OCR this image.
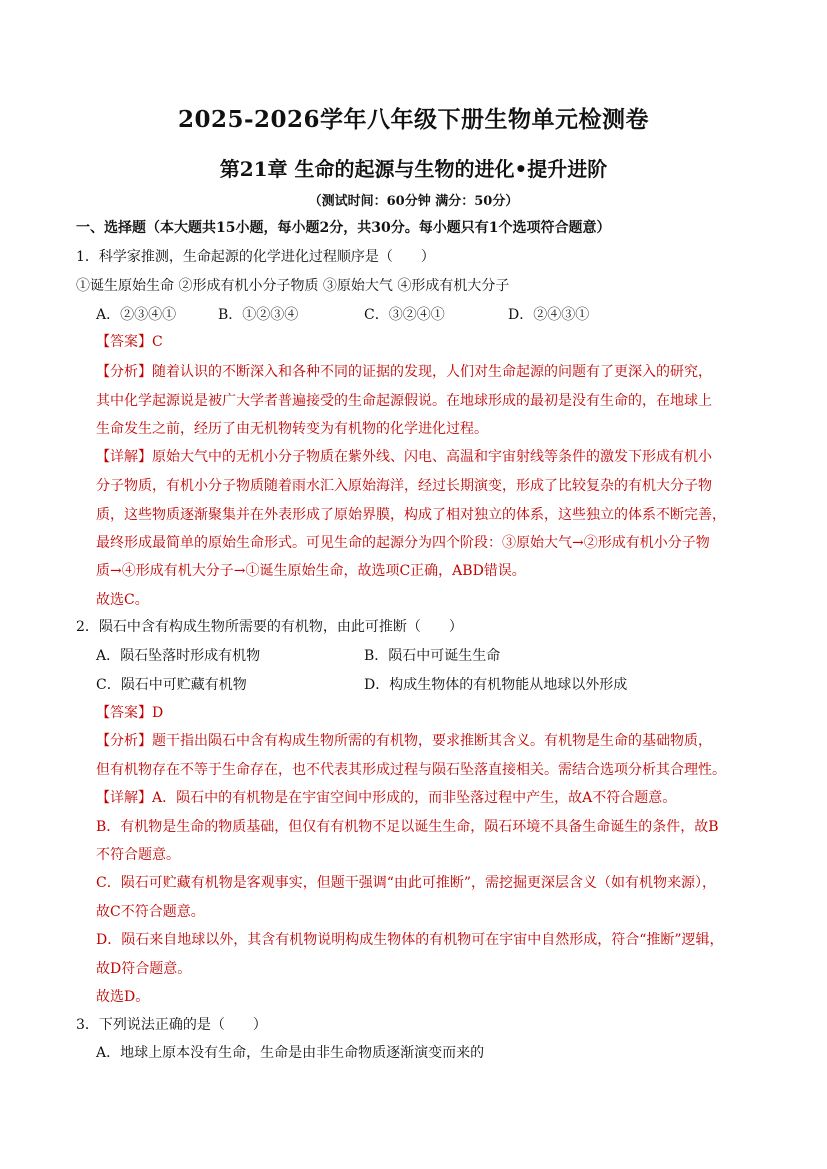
2025-2026学年八年级下册生物单元检测卷
第21章 生命的起源与生物的进化•提升进阶
（测试时间：60分钟 满分：50分）
一、选择题（本大题共15小题，每小题2分，共30分。每小题只有1个选项符合题意）
1．科学家推测，生命起源的化学进化过程顺序是（　　）
①诞生原始生命 ②形成有机小分子物质 ③原始大气 ④形成有机大分子
A．②③④①	B．①②③④	C．③②④①	D．②④③①
【答案】C
【分析】随着认识的不断深入和各种不同的证据的发现，人们对生命起源的问题有了更深入的研究，
其中化学起源说是被广大学者普遍接受的生命起源假说。在地球形成的最初是没有生命的，在地球上
生命发生之前，经历了由无机物转变为有机物的化学进化过程。
【详解】原始大气中的无机小分子物质在紫外线、闪电、高温和宇宙射线等条件的激发下形成有机小
分子物质，有机小分子物质随着雨水汇入原始海洋，经过长期演变，形成了比较复杂的有机大分子物
质，这些物质逐渐聚集并在外表形成了原始界膜，构成了相对独立的体系，这些独立的体系不断完善，
最终形成最简单的原始生命形式。可见生命的起源分为四个阶段：③原始大气→②形成有机小分子物
质→④形成有机大分子→①诞生原始生命，故选项C正确，ABD错误。
故选C。
2．陨石中含有构成生物所需要的有机物，由此可推断（　　）
A．陨石坠落时形成有机物	B．陨石中可诞生生命
C．陨石中可贮藏有机物	D．构成生物体的有机物能从地球以外形成
【答案】D
【分析】题干指出陨石中含有构成生物所需的有机物，要求推断其含义。有机物是生命的基础物质，
但有机物存在不等于生命存在，也不代表其形成过程与陨石坠落直接相关。需结合选项分析其合理性。
【详解】A．陨石中的有机物是在宇宙空间中形成的，而非坠落过程中产生，故A不符合题意。
B．有机物是生命的物质基础，但仅有有机物不足以诞生生命，陨石环境不具备生命诞生的条件，故B
不符合题意。
C．陨石可贮藏有机物是客观事实，但题干强调“由此可推断”，需挖掘更深层含义（如有机物来源），
故C不符合题意。
D．陨石来自地球以外，其含有机物说明构成生物体的有机物可在宇宙中自然形成，符合“推断”逻辑，
故D符合题意。
故选D。
3．下列说法正确的是（　　）
A．地球上原本没有生命，生命是由非生命物质逐渐演变而来的
